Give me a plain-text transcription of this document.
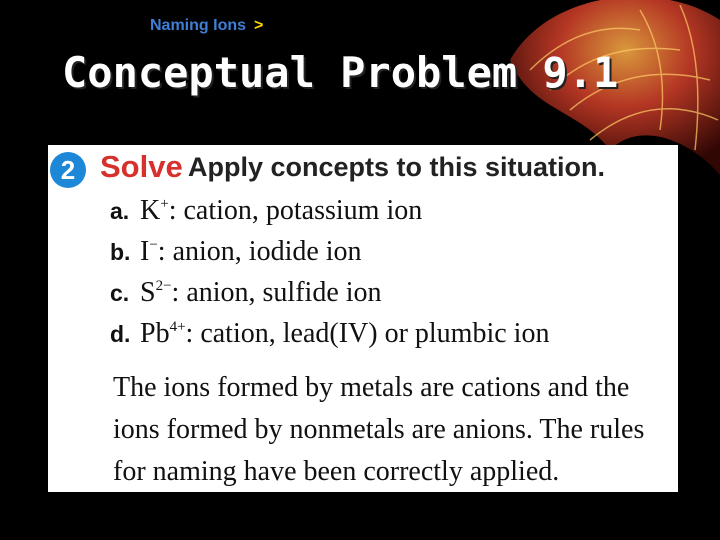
Naming Ions >
Conceptual Problem 9.1
2 Solve Apply concepts to this situation.
a. K+: cation, potassium ion
b. I−: anion, iodide ion
c. $S^{2-}$: anion, sulfide ion
d. $Pb^{4+}$: cation, lead(IV) or plumbic ion
The ions formed by metals are cations and the
ions formed by nonmetals are anions. The rules
for naming have been correctly applied.
